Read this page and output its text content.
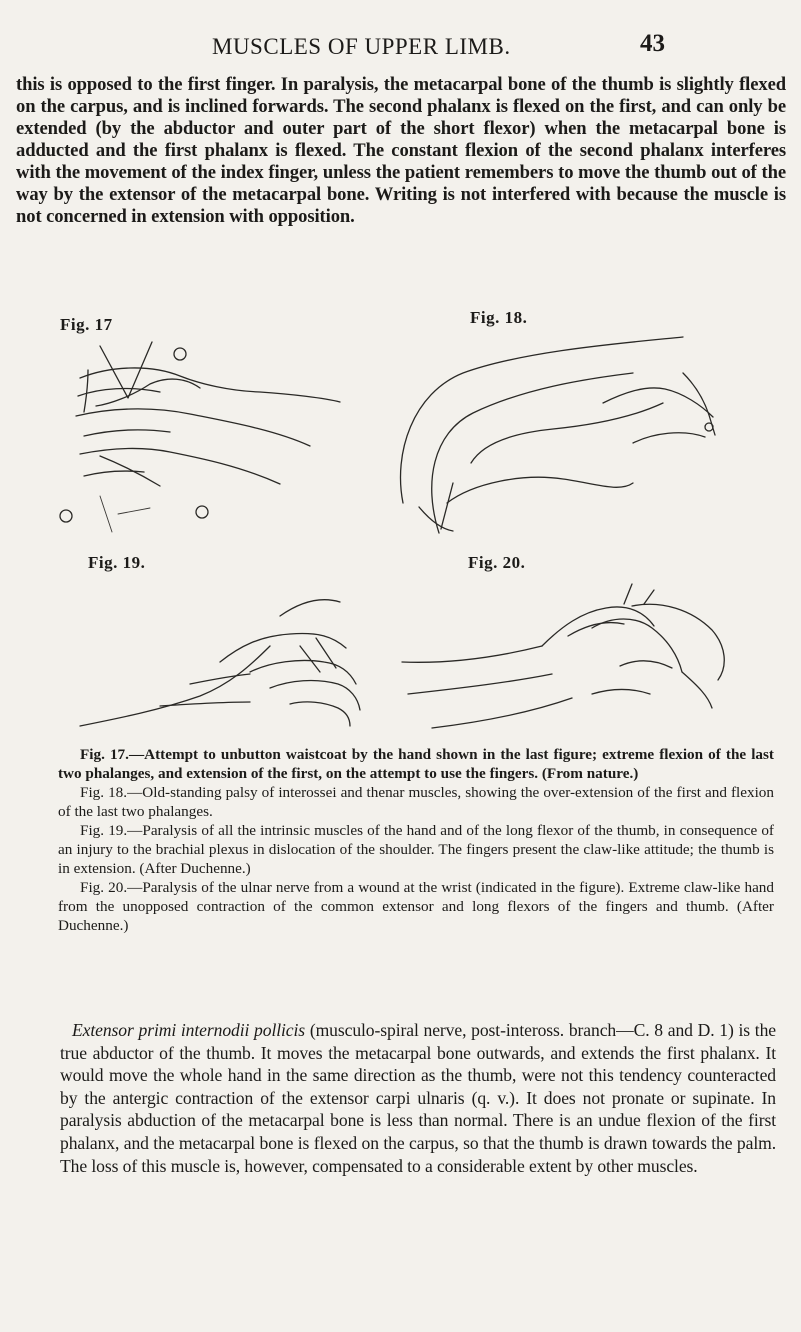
MUSCLES OF UPPER LIMB.	43

this is opposed to the first finger. In paralysis, the metacarpal bone of the thumb is slightly flexed on the carpus, and is inclined forwards. The second phalanx is flexed on the first, and can only be extended (by the abductor and outer part of the short flexor) when the metacarpal bone is adducted and the first phalanx is flexed. The constant flexion of the second phalanx interferes with the movement of the index finger, unless the patient remembers to move the thumb out of the way by the extensor of the metacarpal bone. Writing is not interfered with because the muscle is not concerned in extension with opposition.

Fig. 17	Fig. 18.
Fig. 19.	Fig. 20.

Fig. 17.—Attempt to unbutton waistcoat by the hand shown in the last figure; extreme flexion of the last two phalanges, and extension of the first, on the attempt to use the fingers. (From nature.)

Fig. 18.—Old-standing palsy of interossei and thenar muscles, showing the over-extension of the first and flexion of the last two phalanges.

Fig. 19.—Paralysis of all the intrinsic muscles of the hand and of the long flexor of the thumb, in consequence of an injury to the brachial plexus in dislocation of the shoulder. The fingers present the claw-like attitude; the thumb is in extension. (After Duchenne.)

Fig. 20.—Paralysis of the ulnar nerve from a wound at the wrist (indicated in the figure). Extreme claw-like hand from the unopposed contraction of the common extensor and long flexors of the fingers and thumb. (After Duchenne.)

Extensor primi internodii pollicis (musculo-spiral nerve, post-inteross. branch—C. 8 and D. 1) is the true abductor of the thumb. It moves the metacarpal bone outwards, and extends the first phalanx. It would move the whole hand in the same direction as the thumb, were not this tendency counteracted by the antergic contraction of the extensor carpi ulnaris (q. v.). It does not pronate or supinate. In paralysis abduction of the metacarpal bone is less than normal. There is an undue flexion of the first phalanx, and the metacarpal bone is flexed on the carpus, so that the thumb is drawn towards the palm. The loss of this muscle is, however, compensated to a considerable extent by other muscles.
